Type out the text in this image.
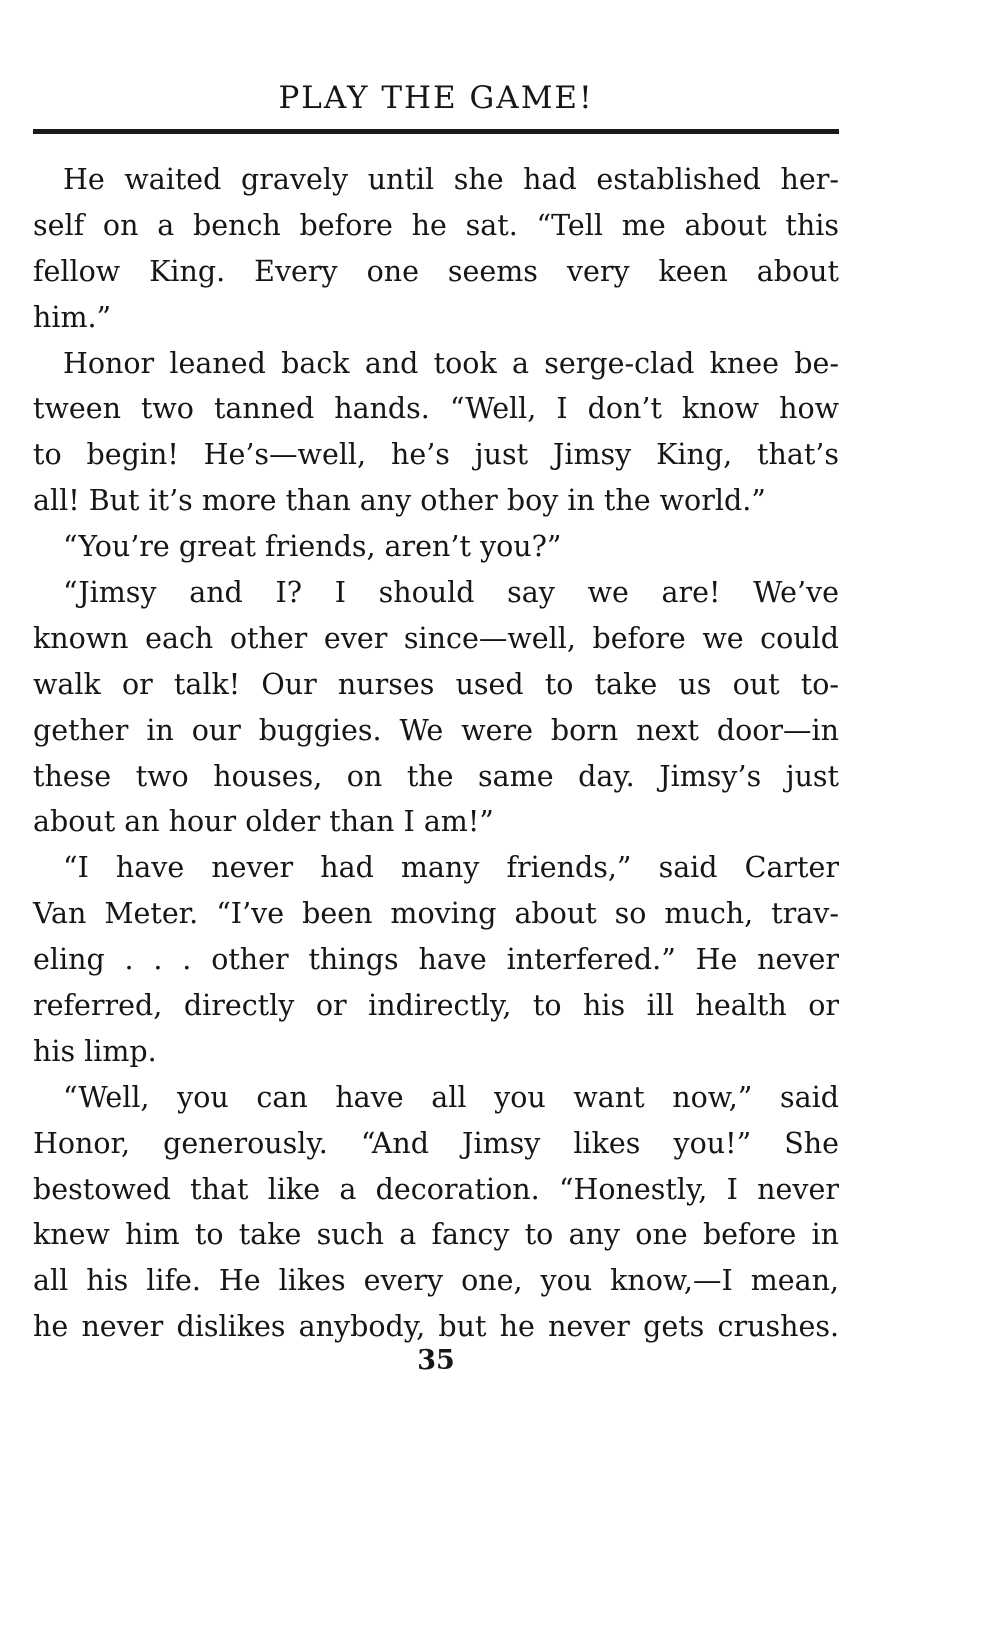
PLAY THE GAME!
He waited gravely until she had established her-
self on a bench before he sat. “Tell me about this
fellow King. Every one seems very keen about
him.”
Honor leaned back and took a serge-clad knee be-
tween two tanned hands. “Well, I don’t know how
to begin! He’s—well, he’s just Jimsy King, that’s
all! But it’s more than any other boy in the world.”
“You’re great friends, aren’t you?”
“Jimsy and I? I should say we are! We’ve
known each other ever since—well, before we could
walk or talk! Our nurses used to take us out to-
gether in our buggies. We were born next door—in
these two houses, on the same day. Jimsy’s just
about an hour older than I am!”
“I have never had many friends,” said Carter
Van Meter. “I’ve been moving about so much, trav-
eling . . . other things have interfered.” He never
referred, directly or indirectly, to his ill health or
his limp.
“Well, you can have all you want now,” said
Honor, generously. “And Jimsy likes you!” She
bestowed that like a decoration. “Honestly, I never
knew him to take such a fancy to any one before in
all his life. He likes every one, you know,—I mean,
he never dislikes anybody, but he never gets crushes.
35
